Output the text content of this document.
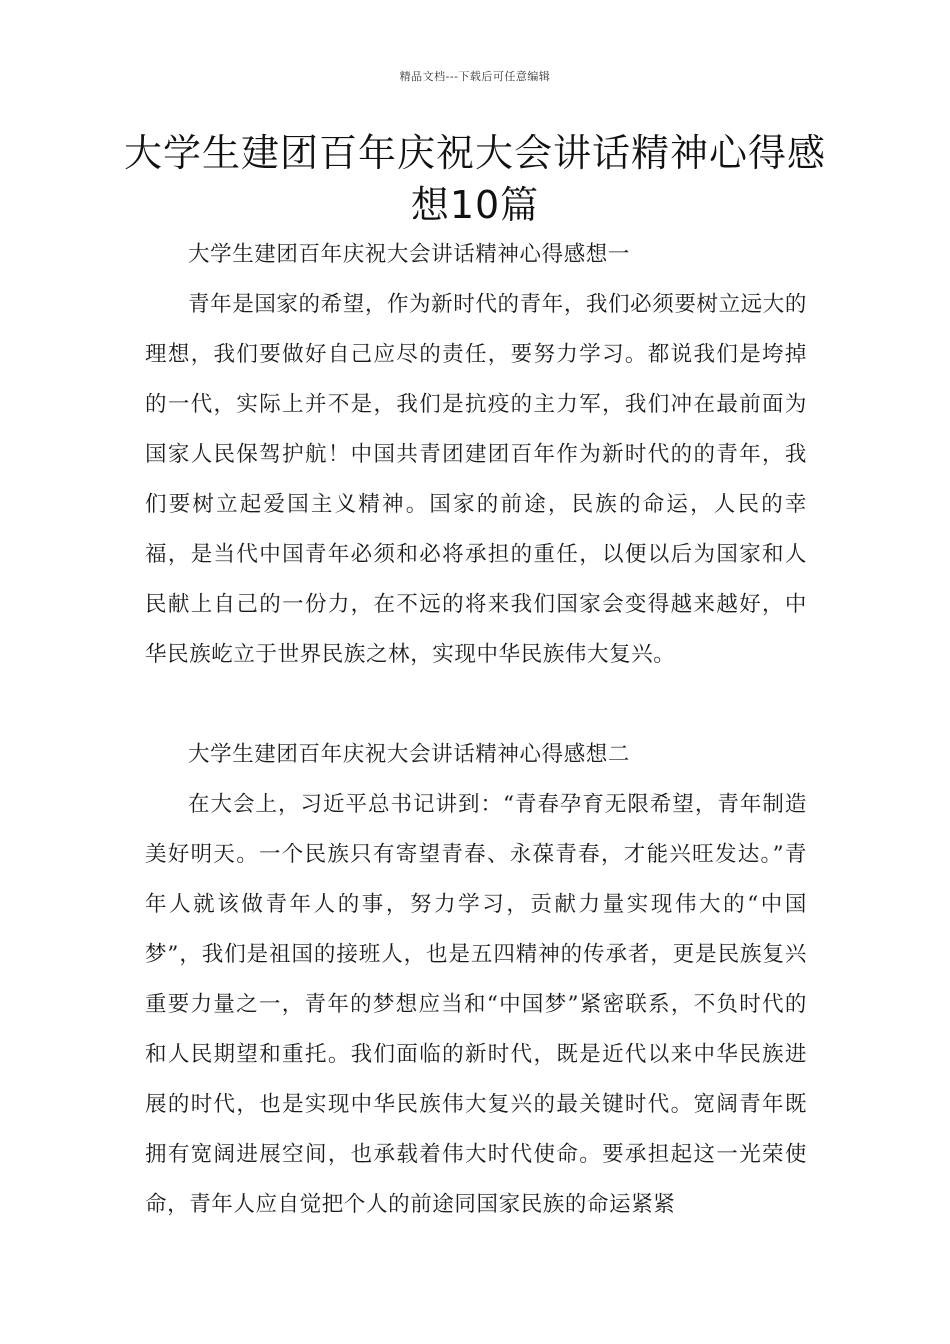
精品文档---下载后可任意编辑
大学生建团百年庆祝大会讲话精神心得感想10篇

大学生建团百年庆祝大会讲话精神心得感想一

青年是国家的希望，作为新时代的青年，我们必须要树立远大的理想，我们要做好自己应尽的责任，要努力学习。都说我们是垮掉的一代，实际上并不是，我们是抗疫的主力军，我们冲在最前面为国家人民保驾护航！中国共青团建团百年作为新时代的的青年，我们要树立起爱国主义精神。国家的前途，民族的命运，人民的幸福，是当代中国青年必须和必将承担的重任，以便以后为国家和人民献上自己的一份力，在不远的将来我们国家会变得越来越好，中华民族屹立于世界民族之林，实现中华民族伟大复兴。

大学生建团百年庆祝大会讲话精神心得感想二

在大会上，习近平总书记讲到：“青春孕育无限希望，青年制造美好明天。一个民族只有寄望青春、永葆青春，才能兴旺发达。”青年人就该做青年人的事，努力学习，贡献力量实现伟大的“中国梦”，我们是祖国的接班人，也是五四精神的传承者，更是民族复兴重要力量之一，青年的梦想应当和“中国梦”紧密联系，不负时代的和人民期望和重托。我们面临的新时代，既是近代以来中华民族进展的时代，也是实现中华民族伟大复兴的最关键时代。宽阔青年既拥有宽阔进展空间，也承载着伟大时代使命。要承担起这一光荣使命，青年人应自觉把个人的前途同国家民族的命运紧紧
